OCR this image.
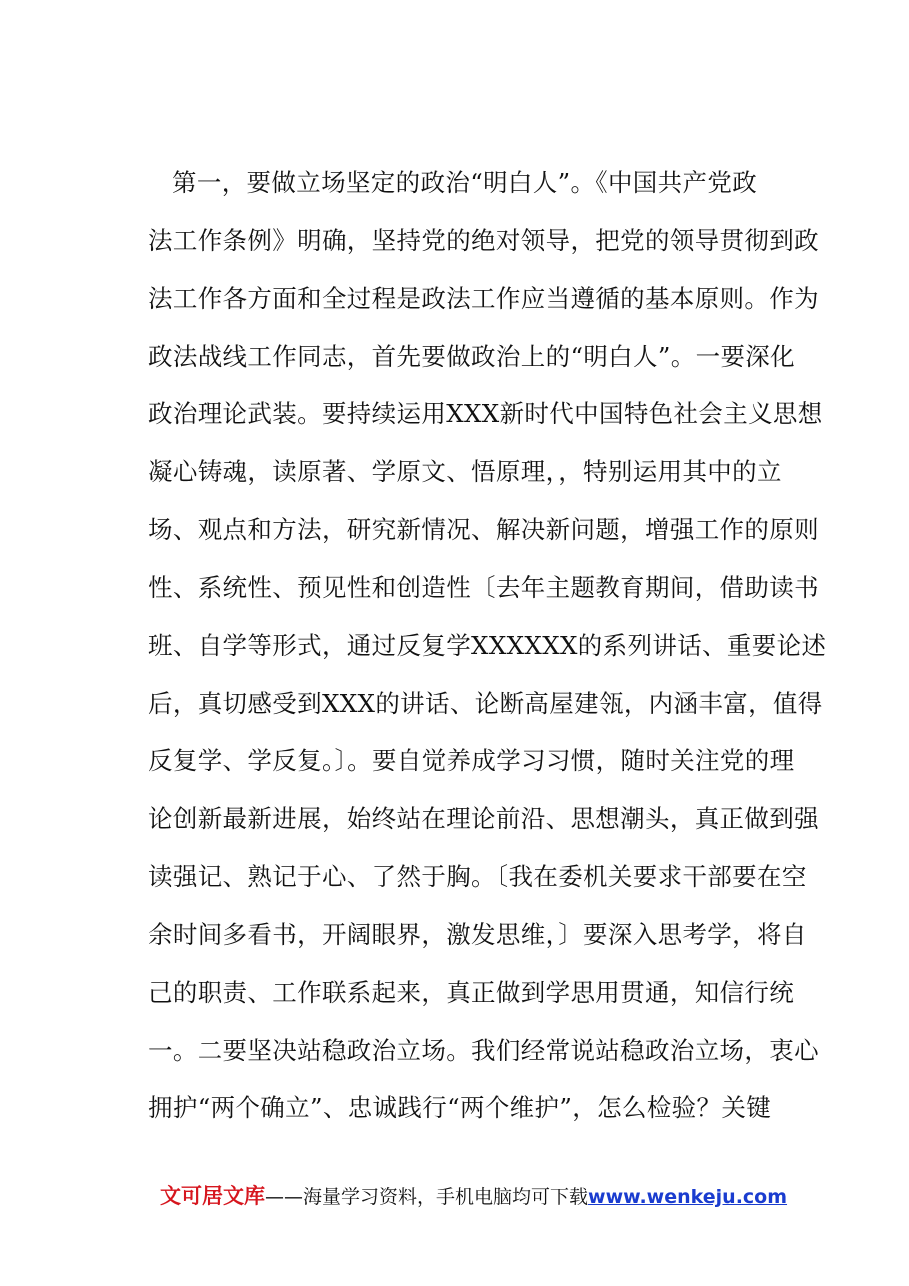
第一，要做立场坚定的政治“明白人”。《中国共产党政
法工作条例》明确，坚持党的绝对领导，把党的领导贯彻到政
法工作各方面和全过程是政法工作应当遵循的基本原则。作为
政法战线工作同志，首先要做政治上的“明白人”。一要深化
政治理论武装。要持续运用XXX新时代中国特色社会主义思想
凝心铸魂，读原著、学原文、悟原理，，特别运用其中的立
场、观点和方法，研究新情况、解决新问题，增强工作的原则
性、系统性、预见性和创造性〔去年主题教育期间，借助读书
班、自学等形式，通过反复学XXXXXX的系列讲话、重要论述
后，真切感受到XXX的讲话、论断高屋建瓴，内涵丰富，值得
反复学、学反复。〕。要自觉养成学习习惯，随时关注党的理
论创新最新进展，始终站在理论前沿、思想潮头，真正做到强
读强记、熟记于心、了然于胸。〔我在委机关要求干部要在空
余时间多看书，开阔眼界，激发思维，〕要深入思考学，将自
己的职责、工作联系起来，真正做到学思用贯通，知信行统
一。二要坚决站稳政治立场。我们经常说站稳政治立场，衷心
拥护“两个确立”、忠诚践行“两个维护”，怎么检验？关键
文可居文库——海量学习资料，手机电脑均可下载www.wenkeju.com
